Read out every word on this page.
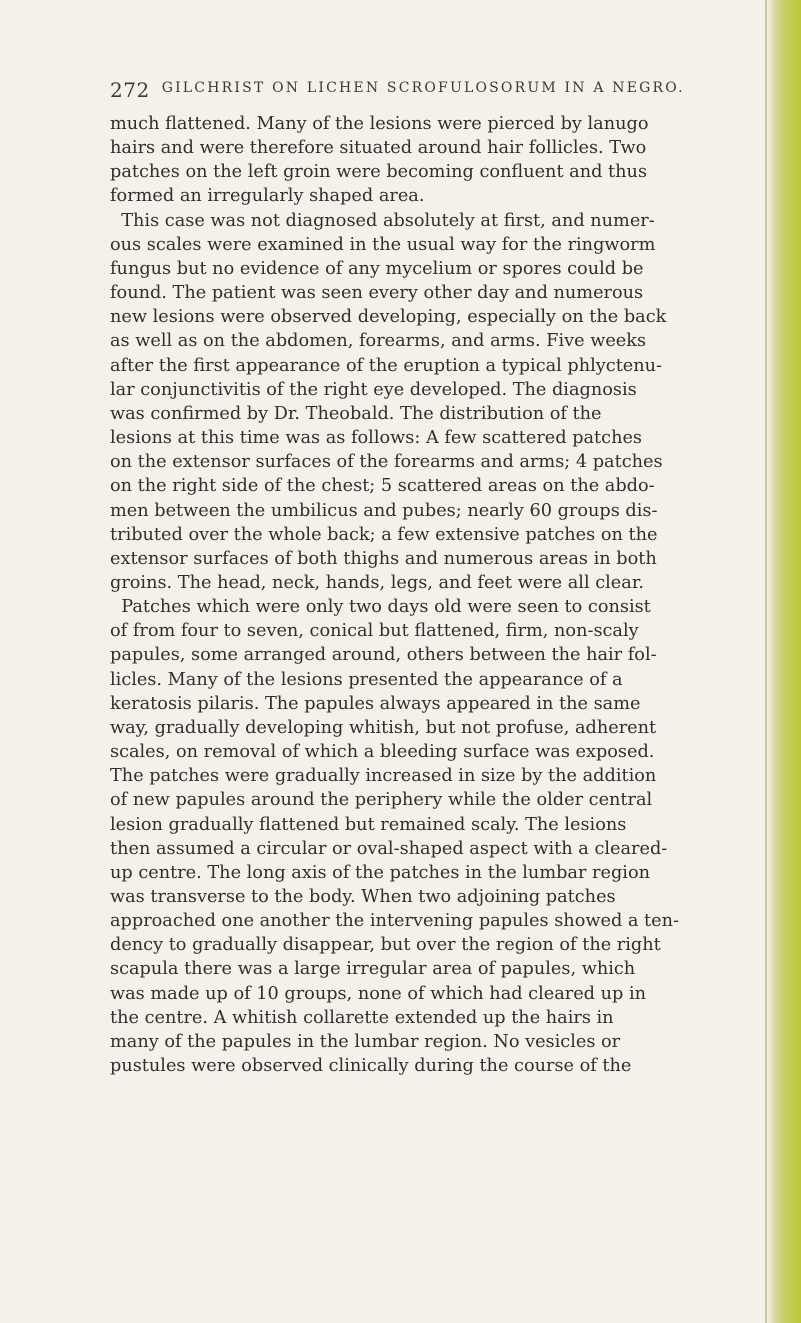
272 GILCHRIST ON LICHEN SCROFULOSORUM IN A NEGRO.
much flattened. Many of the lesions were pierced by lanugo
hairs and were therefore situated around hair follicles. Two
patches on the left groin were becoming confluent and thus
formed an irregularly shaped area.
This case was not diagnosed absolutely at first, and numer-
ous scales were examined in the usual way for the ringworm
fungus but no evidence of any mycelium or spores could be
found. The patient was seen every other day and numerous
new lesions were observed developing, especially on the back
as well as on the abdomen, forearms, and arms. Five weeks
after the first appearance of the eruption a typical phlyctenu-
lar conjunctivitis of the right eye developed. The diagnosis
was confirmed by Dr. Theobald. The distribution of the
lesions at this time was as follows: A few scattered patches
on the extensor surfaces of the forearms and arms; 4 patches
on the right side of the chest; 5 scattered areas on the abdo-
men between the umbilicus and pubes; nearly 60 groups dis-
tributed over the whole back; a few extensive patches on the
extensor surfaces of both thighs and numerous areas in both
groins. The head, neck, hands, legs, and feet were all clear.
Patches which were only two days old were seen to consist
of from four to seven, conical but flattened, firm, non-scaly
papules, some arranged around, others between the hair fol-
licles. Many of the lesions presented the appearance of a
keratosis pilaris. The papules always appeared in the same
way, gradually developing whitish, but not profuse, adherent
scales, on removal of which a bleeding surface was exposed.
The patches were gradually increased in size by the addition
of new papules around the periphery while the older central
lesion gradually flattened but remained scaly. The lesions
then assumed a circular or oval-shaped aspect with a cleared-
up centre. The long axis of the patches in the lumbar region
was transverse to the body. When two adjoining patches
approached one another the intervening papules showed a ten-
dency to gradually disappear, but over the region of the right
scapula there was a large irregular area of papules, which
was made up of 10 groups, none of which had cleared up in
the centre. A whitish collarette extended up the hairs in
many of the papules in the lumbar region. No vesicles or
pustules were observed clinically during the course of the
